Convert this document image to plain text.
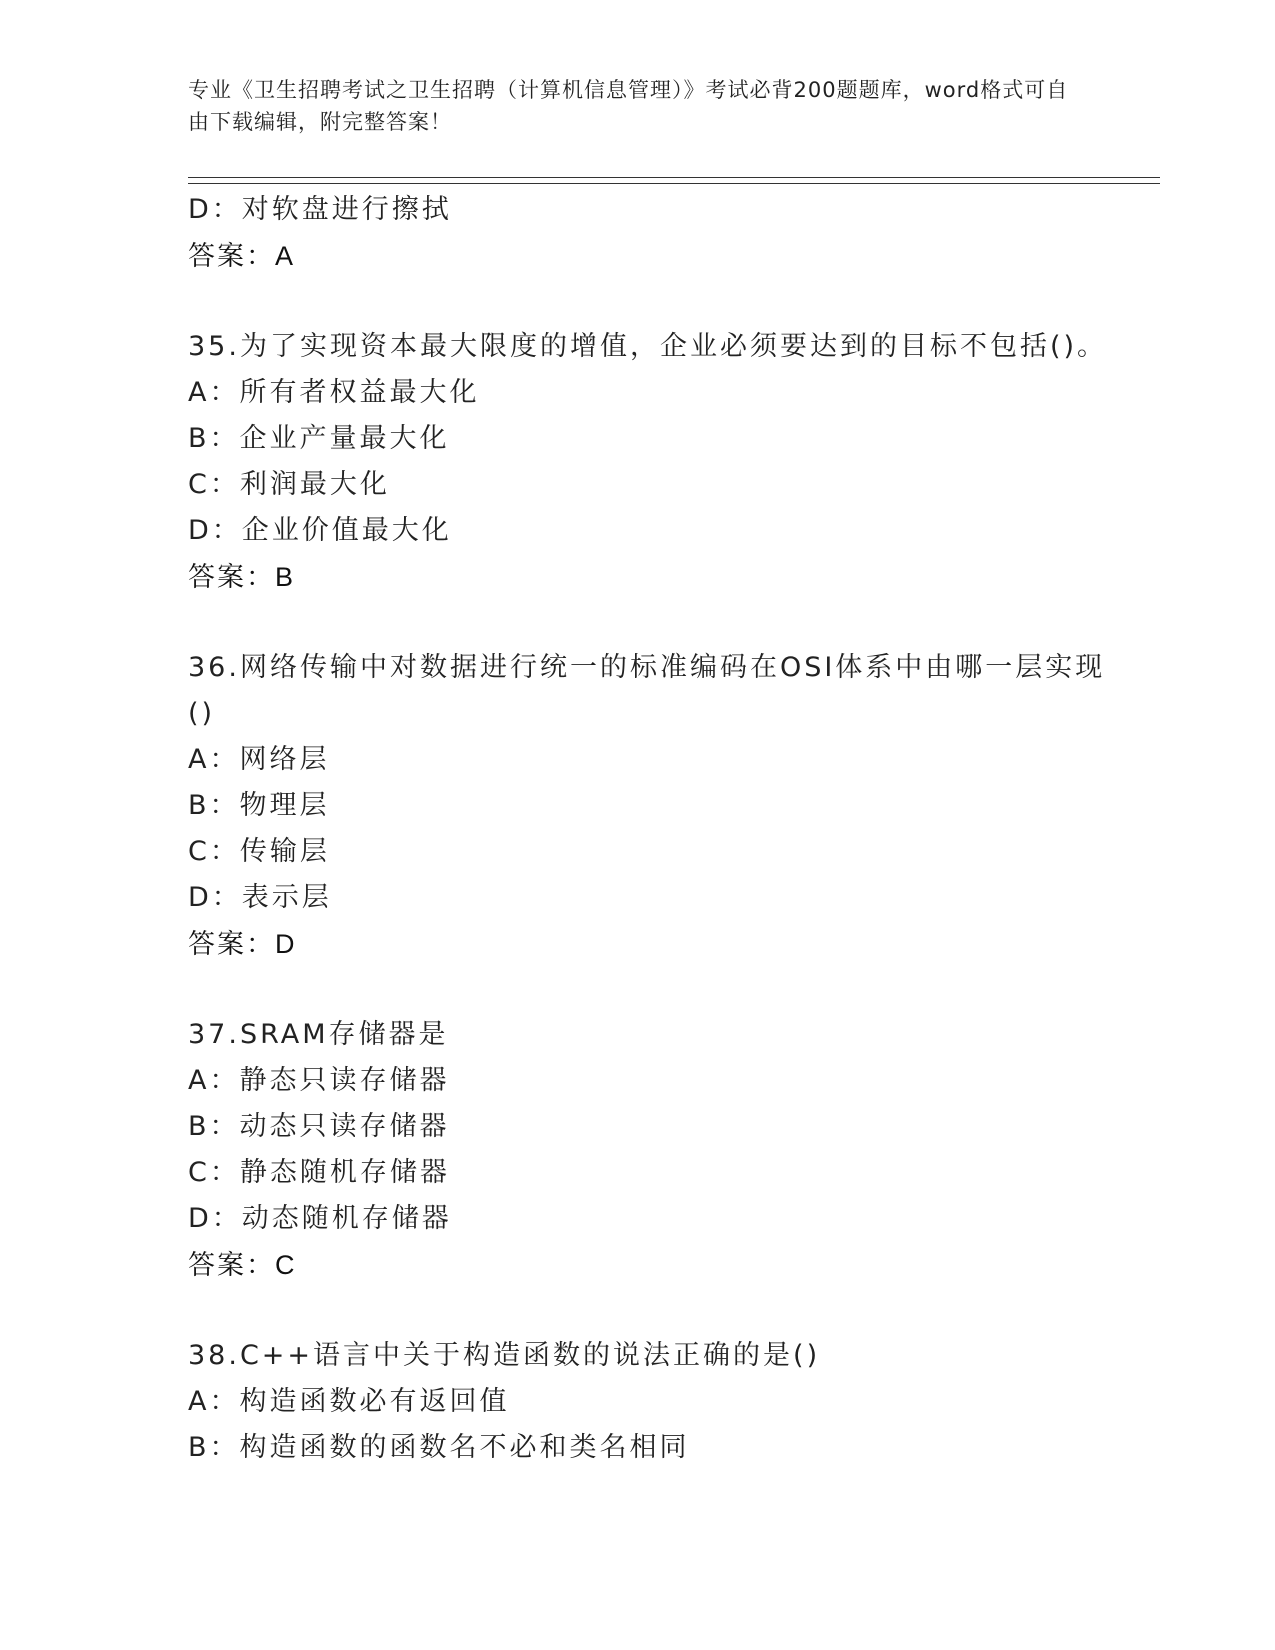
专业《卫生招聘考试之卫生招聘（计算机信息管理）》考试必背200题题库，word格式可自由下载编辑，附完整答案！
D：对软盘进行擦拭
答案：A
35.为了实现资本最大限度的增值，企业必须要达到的目标不包括()。
A：所有者权益最大化
B：企业产量最大化
C：利润最大化
D：企业价值最大化
答案：B
36.网络传输中对数据进行统一的标准编码在OSI体系中由哪一层实现
()
A：网络层
B：物理层
C：传输层
D：表示层
答案：D
37.SRAM存储器是
A：静态只读存储器
B：动态只读存储器
C：静态随机存储器
D：动态随机存储器
答案：C
38.C++语言中关于构造函数的说法正确的是()
A：构造函数必有返回值
B：构造函数的函数名不必和类名相同
